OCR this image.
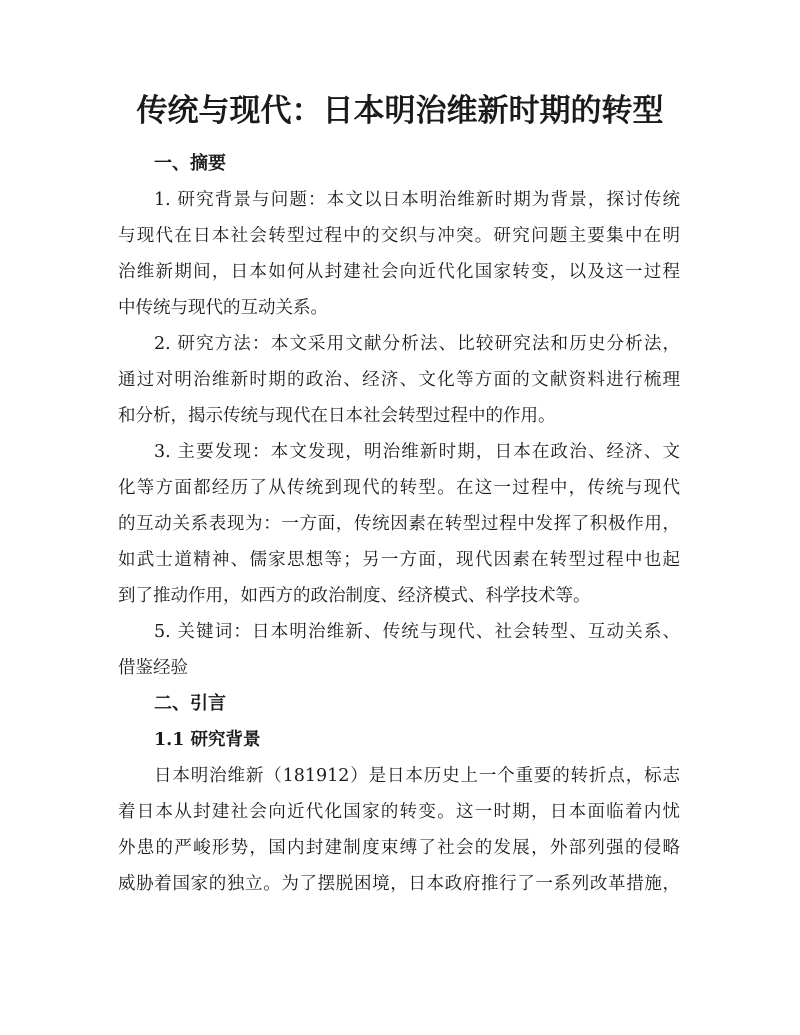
传统与现代：日本明治维新时期的转型
一、摘要

1. 研究背景与问题：本文以日本明治维新时期为背景，探讨传统
与现代在日本社会转型过程中的交织与冲突。研究问题主要集中在明
治维新期间，日本如何从封建社会向近代化国家转变，以及这一过程
中传统与现代的互动关系。

2. 研究方法：本文采用文献分析法、比较研究法和历史分析法，
通过对明治维新时期的政治、经济、文化等方面的文献资料进行梳理
和分析，揭示传统与现代在日本社会转型过程中的作用。

3. 主要发现：本文发现，明治维新时期，日本在政治、经济、文
化等方面都经历了从传统到现代的转型。在这一过程中，传统与现代
的互动关系表现为：一方面，传统因素在转型过程中发挥了积极作用，
如武士道精神、儒家思想等；另一方面，现代因素在转型过程中也起
到了推动作用，如西方的政治制度、经济模式、科学技术等。

5. 关键词：日本明治维新、传统与现代、社会转型、互动关系、
借鉴经验

二、引言
1.1 研究背景

日本明治维新（181912）是日本历史上一个重要的转折点，标志
着日本从封建社会向近代化国家的转变。这一时期，日本面临着内忧
外患的严峻形势，国内封建制度束缚了社会的发展，外部列强的侵略
威胁着国家的独立。为了摆脱困境，日本政府推行了一系列改革措施，
